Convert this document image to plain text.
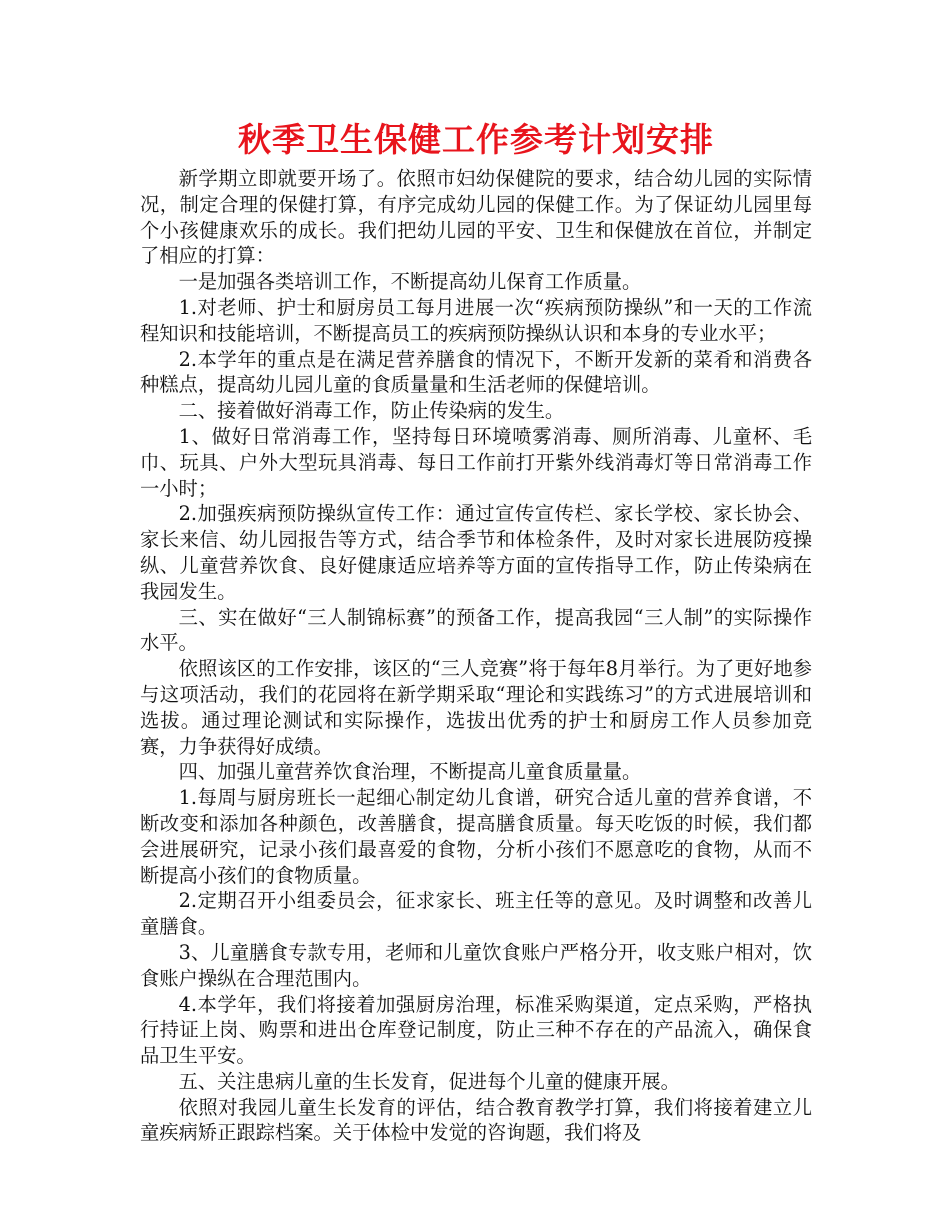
秋季卫生保健工作参考计划安排

新学期立即就要开场了。依照市妇幼保健院的要求，结合幼儿园的实际情况，制定合理的保健打算，有序完成幼儿园的保健工作。为了保证幼儿园里每个小孩健康欢乐的成长。我们把幼儿园的平安、卫生和保健放在首位，并制定了相应的打算：

一是加强各类培训工作，不断提高幼儿保育工作质量。

1.对老师、护士和厨房员工每月进展一次“疾病预防操纵”和一天的工作流程知识和技能培训，不断提高员工的疾病预防操纵认识和本身的专业水平；

2.本学年的重点是在满足营养膳食的情况下，不断开发新的菜肴和消费各种糕点，提高幼儿园儿童的食质量量和生活老师的保健培训。

二、接着做好消毒工作，防止传染病的发生。

1、做好日常消毒工作，坚持每日环境喷雾消毒、厕所消毒、儿童杯、毛巾、玩具、户外大型玩具消毒、每日工作前打开紫外线消毒灯等日常消毒工作一小时；

2.加强疾病预防操纵宣传工作：通过宣传宣传栏、家长学校、家长协会、家长来信、幼儿园报告等方式，结合季节和体检条件，及时对家长进展防疫操纵、儿童营养饮食、良好健康适应培养等方面的宣传指导工作，防止传染病在我园发生。

三、实在做好“三人制锦标赛”的预备工作，提高我园“三人制”的实际操作水平。

依照该区的工作安排，该区的“三人竞赛”将于每年8月举行。为了更好地参与这项活动，我们的花园将在新学期采取“理论和实践练习”的方式进展培训和选拔。通过理论测试和实际操作，选拔出优秀的护士和厨房工作人员参加竞赛，力争获得好成绩。

四、加强儿童营养饮食治理，不断提高儿童食质量量。

1.每周与厨房班长一起细心制定幼儿食谱，研究合适儿童的营养食谱，不断改变和添加各种颜色，改善膳食，提高膳食质量。每天吃饭的时候，我们都会进展研究，记录小孩们最喜爱的食物，分析小孩们不愿意吃的食物，从而不断提高小孩们的食物质量。

2.定期召开小组委员会，征求家长、班主任等的意见。及时调整和改善儿童膳食。

3、儿童膳食专款专用，老师和儿童饮食账户严格分开，收支账户相对，饮食账户操纵在合理范围内。

4.本学年，我们将接着加强厨房治理，标准采购渠道，定点采购，严格执行持证上岗、购票和进出仓库登记制度，防止三种不存在的产品流入，确保食品卫生平安。

五、关注患病儿童的生长发育，促进每个儿童的健康开展。

依照对我园儿童生长发育的评估，结合教育教学打算，我们将接着建立儿童疾病矫正跟踪档案。关于体检中发觉的咨询题，我们将及
